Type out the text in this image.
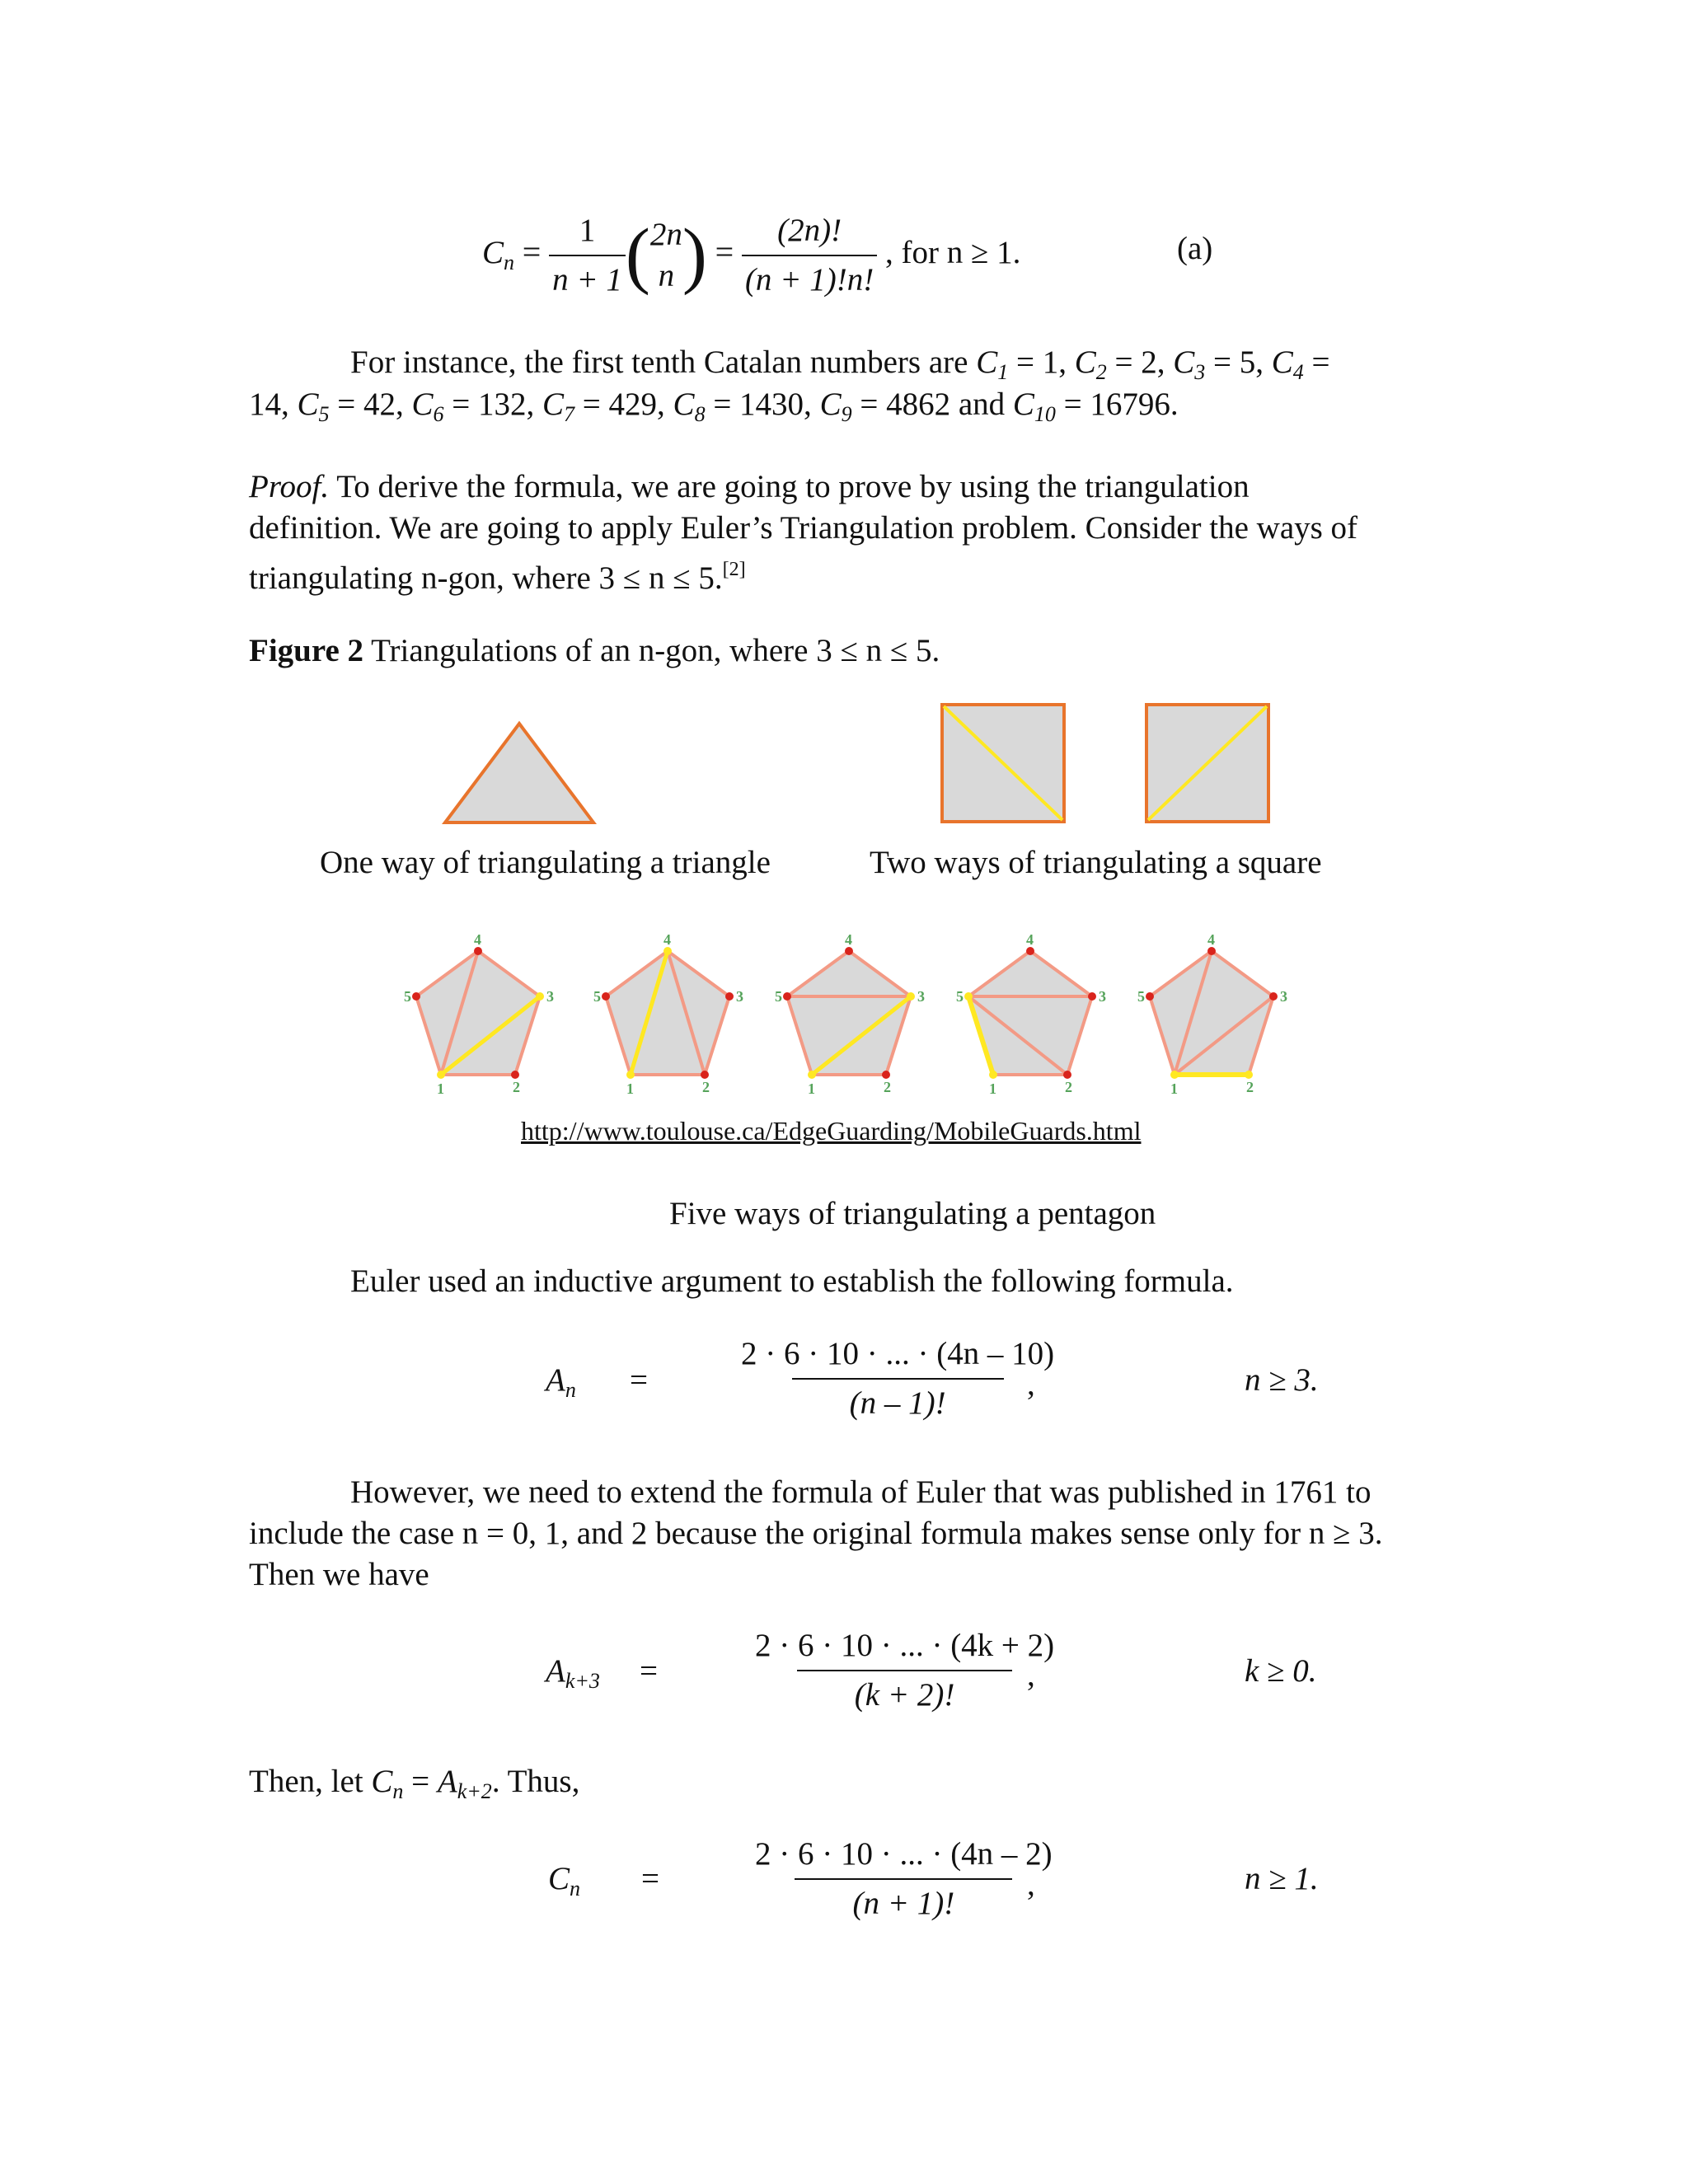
$C_n = \frac{1}{n + 1}$ ( 2n
n ) = $\frac{(2n)!}{(n + 1)!n!}$ , for n ≥ 1.	(a)
For instance, the first tenth Catalan numbers are $C_1 = 1$, $C_2 = 2$, $C_3 = 5$, $C_4$ =
14, $C_5 = 42$, $C_6 = 132$, $C_7 = 429$, $C_8 = 1430$, $C_9 = 4862$ and $C_{10} = 16796$.
Proof. To derive the formula, we are going to prove by using the triangulation
definition. We are going to apply Euler’s Triangulation problem. Consider the ways of
triangulating n-gon, where 3 ≤ n ≤ 5.[2]
Figure 2 Triangulations of an n-gon, where 3 ≤ n ≤ 5.
One way of triangulating a triangle	Two ways of triangulating a square
1	2
3
4
5
1	2
3
4
5
1	2
3
4
5
1	2
3
4
5
1	2
3
4
5
http://www.toulouse.ca/EdgeGuarding/MobileGuards.html
Five ways of triangulating a pentagon
Euler used an inductive argument to establish the following formula.
$A_n$ =	$\frac{2 \cdot 6 \cdot 10 \cdot ... \cdot (4n - 10)}{(n - 1)!}$
,	n ≥ 3.
However, we need to extend the formula of Euler that was published in 1761 to
include the case n = 0, 1, and 2 because the original formula makes sense only for n ≥ 3.
Then we have
$A_{k+3}$ =	$\frac{2 \cdot 6 \cdot 10 \cdot ... \cdot (4k + 2)}{(k + 2)!}$
,	k ≥ 0.
Then, let $C_n = A_{k+2}$. Thus,
$C_n$ =	$\frac{2 \cdot 6 \cdot 10 \cdot ... \cdot (4n - 2)}{(n + 1)!}$
,	n ≥ 1.
